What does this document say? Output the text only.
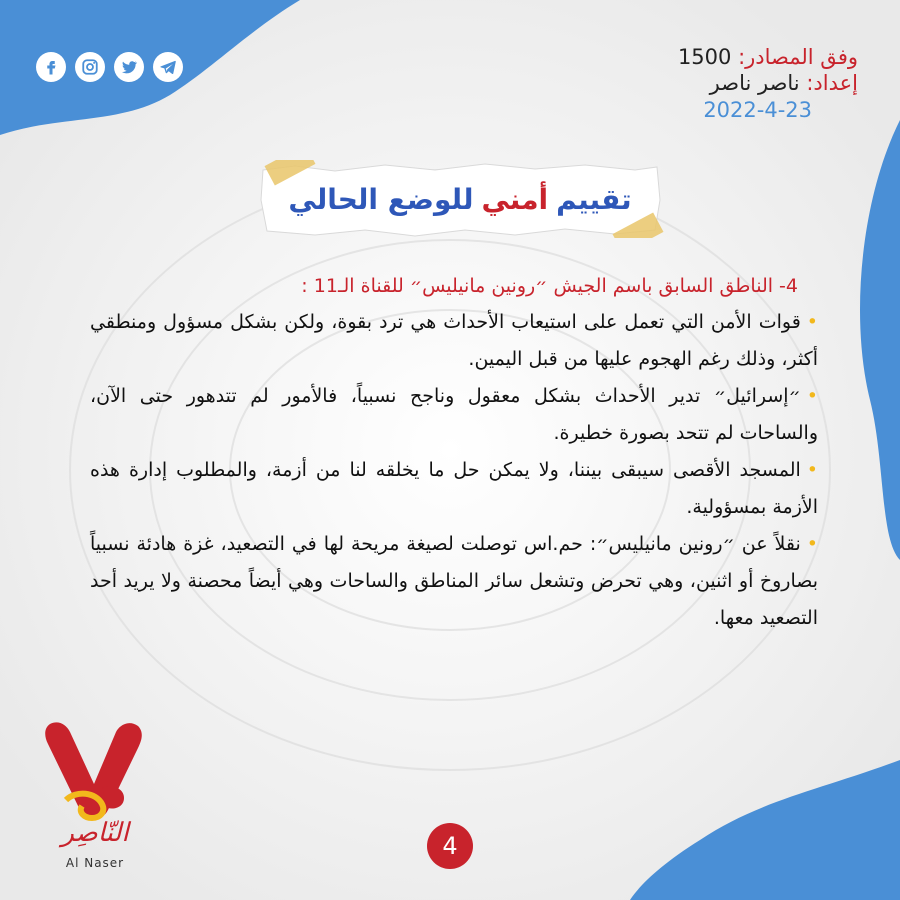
وفق المصادر: 1500
إعداد: ناصر ناصر
2022-4-23
تقييم
أمني
للوضع الحالي
4- الناطق السابق باسم الجيش ״رونين مانيليس״ للقناة الـ11 :

•قوات الأمن التي تعمل على استيعاب الأحداث هي ترد بقوة، ولكن بشكل مسؤول ومنطقي أكثر، وذلك رغم الهجوم عليها من قبل اليمين.

•״إسرائيل״ تدير الأحداث بشكل معقول وناجح نسبياً، فالأمور لم تتدهور حتى الآن، والساحات لم تتحد بصورة خطيرة.

•المسجد الأقصى سيبقى بيننا، ولا يمكن حل ما يخلقه لنا من أزمة، والمطلوب إدارة هذه الأزمة بمسؤولية.

•نقلاً عن ״رونين مانيليس״: حم.اس توصلت لصيغة مريحة لها في التصعيد، غزة هادئة نسبياً بصاروخ أو اثنين، وهي تحرض وتشعل سائر المناطق والساحات وهي أيضاً محصنة ولا يريد أحد التصعيد معها.

النّاصِر
Al Naser
4
